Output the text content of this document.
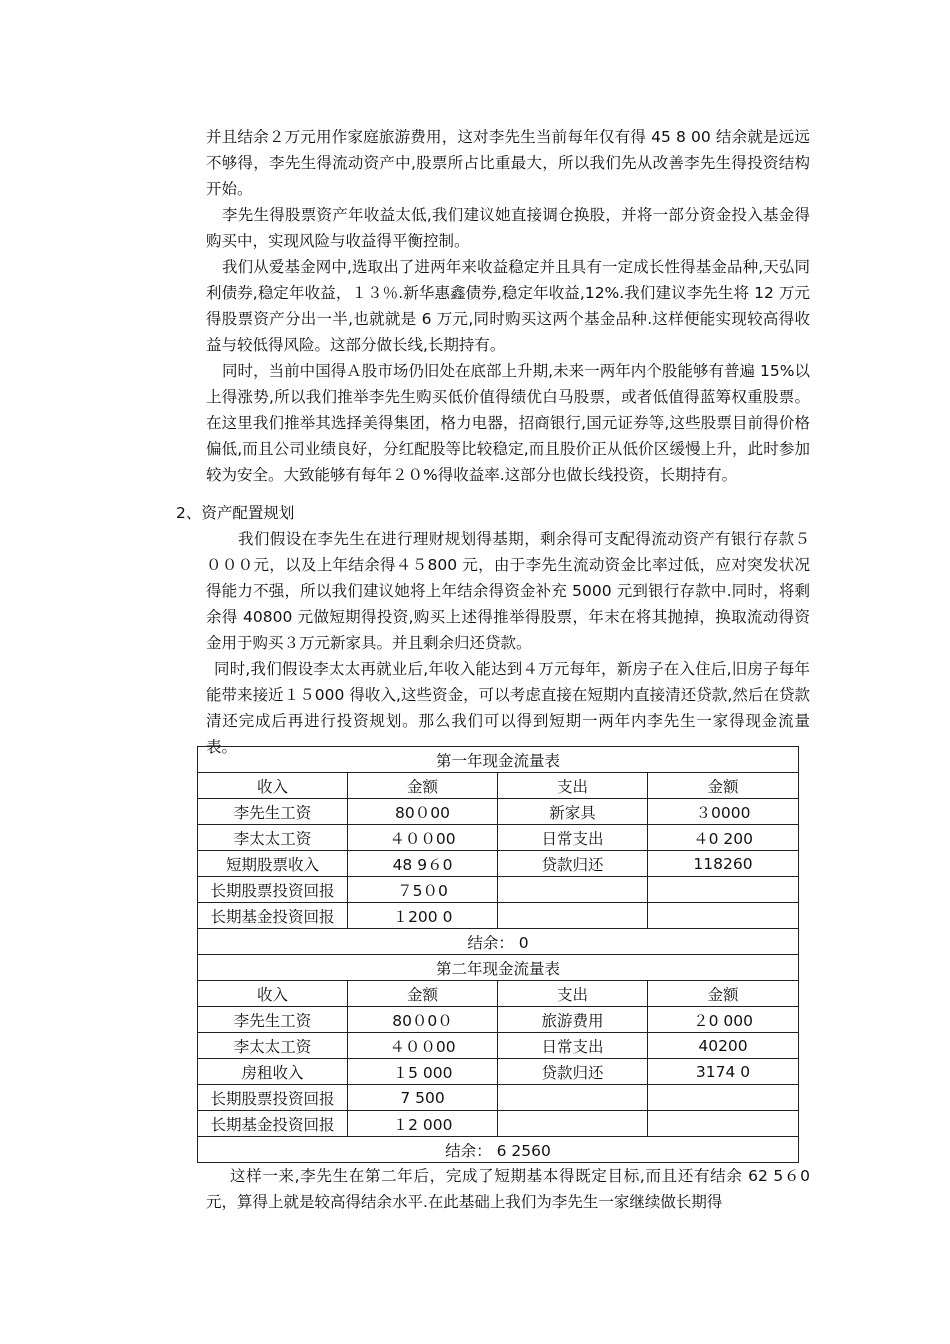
并且结余２万元用作家庭旅游费用，这对李先生当前每年仅有得 45 8 00 结余就是远远不够得，李先生得流动资产中,股票所占比重最大，所以我们先从改善李先生得投资结构开始。

李先生得股票资产年收益太低,我们建议她直接调仓换股，并将一部分资金投入基金得购买中，实现风险与收益得平衡控制。

我们从爱基金网中,选取出了进两年来收益稳定并且具有一定成长性得基金品种,天弘同利债券,稳定年收益，１３％.新华惠鑫债券,稳定年收益,12%.我们建议李先生将 12 万元得股票资产分出一半,也就就是 6 万元,同时购买这两个基金品种.这样便能实现较高得收益与较低得风险。这部分做长线,长期持有。

同时，当前中国得Ａ股市场仍旧处在底部上升期,未来一两年内个股能够有普遍 15%以上得涨势,所以我们推举李先生购买低价值得绩优白马股票，或者低值得蓝筹权重股票。在这里我们推举其选择美得集团，格力电器，招商银行,国元证券等,这些股票目前得价格偏低,而且公司业绩良好，分红配股等比较稳定,而且股价正从低价区缓慢上升，此时参加较为安全。大致能够有每年２０%得收益率.这部分也做长线投资，长期持有。

2、资产配置规划

我们假设在李先生在进行理财规划得基期，剩余得可支配得流动资产有银行存款５０００元，以及上年结余得４５800 元，由于李先生流动资金比率过低，应对突发状况得能力不强，所以我们建议她将上年结余得资金补充 5000 元到银行存款中.同时，将剩余得 40800 元做短期得投资,购买上述得推举得股票，年末在将其抛掉，换取流动得资金用于购买３万元新家具。并且剩余归还贷款。

同时,我们假设李太太再就业后,年收入能达到４万元每年，新房子在入住后,旧房子每年能带来接近１５000 得收入,这些资金，可以考虑直接在短期内直接清还贷款,然后在贷款清还完成后再进行投资规划。那么我们可以得到短期一两年内李先生一家得现金流量表。

第一年现金流量表			
收入	金额	支出	金额
李先生工资	80０00	新家具	３0000
李太太工资	４００00	日常支出	４0 200
短期股票收入	48 9６0	贷款归还	118260
长期股票投资回报	７5０0		
长期基金投资回报	１200 0		
结余： 0			
第二年现金流量表			
收入	金额	支出	金额
李先生工资	80０0０	旅游费用	２0 000
李太太工资	４００00	日常支出	40200
房租收入	１5 000	贷款归还	3174 0
长期股票投资回报	7 500		
长期基金投资回报	１2 000		
结余： 6 2560			

这样一来,李先生在第二年后，完成了短期基本得既定目标,而且还有结余 62 5６0元，算得上就是较高得结余水平.在此基础上我们为李先生一家继续做长期得
